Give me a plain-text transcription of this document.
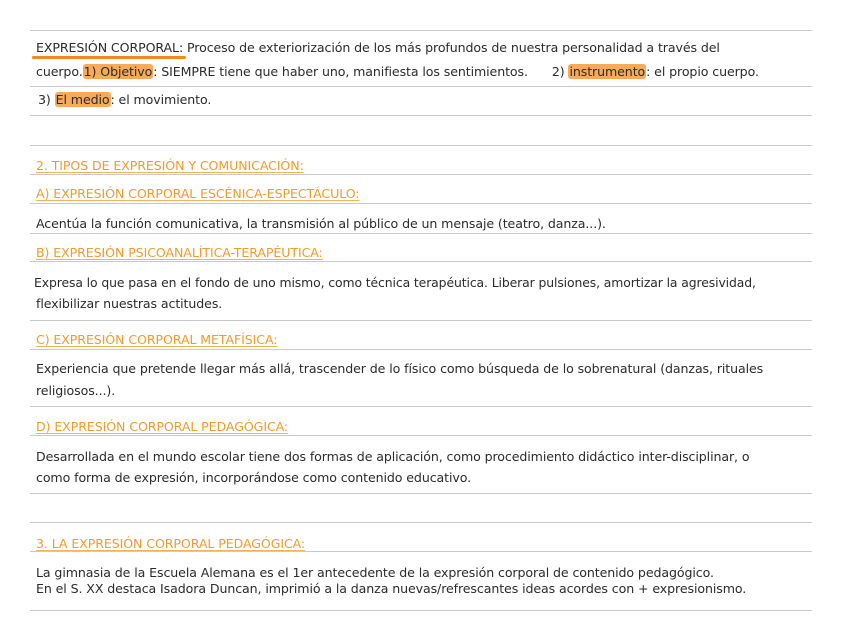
EXPRESIÓN CORPORAL: Proceso de exteriorización de los más profundos de nuestra personalidad a través del
cuerpo.1) Objetivo: SIEMPRE tiene que haber uno, manifiesta los sentimientos. 2) instrumento: el propio cuerpo.
3) El medio: el movimiento.
2. TIPOS DE EXPRESIÓN Y COMUNICACIÓN:
A) EXPRESIÓN CORPORAL ESCÉNICA-ESPECTÁCULO:
Acentúa la función comunicativa, la transmisión al público de un mensaje (teatro, danza...).
B) EXPRESIÓN PSICOANALÍTICA-TERAPÉUTICA:
Expresa lo que pasa en el fondo de uno mismo, como técnica terapéutica. Liberar pulsiones, amortizar la agresividad,
flexibilizar nuestras actitudes.
C) EXPRESIÓN CORPORAL METAFÍSICA:
Experiencia que pretende llegar más allá, trascender de lo físico como búsqueda de lo sobrenatural (danzas, rituales
religiosos...).
D) EXPRESIÓN CORPORAL PEDAGÓGICA:
Desarrollada en el mundo escolar tiene dos formas de aplicación, como procedimiento didáctico inter-disciplinar, o
como forma de expresión, incorporándose como contenido educativo.
3. LA EXPRESIÓN CORPORAL PEDAGÓGICA:
La gimnasia de la Escuela Alemana es el 1er antecedente de la expresión corporal de contenido pedagógico.
En el S. XX destaca Isadora Duncan, imprimió a la danza nuevas/refrescantes ideas acordes con + expresionismo.
